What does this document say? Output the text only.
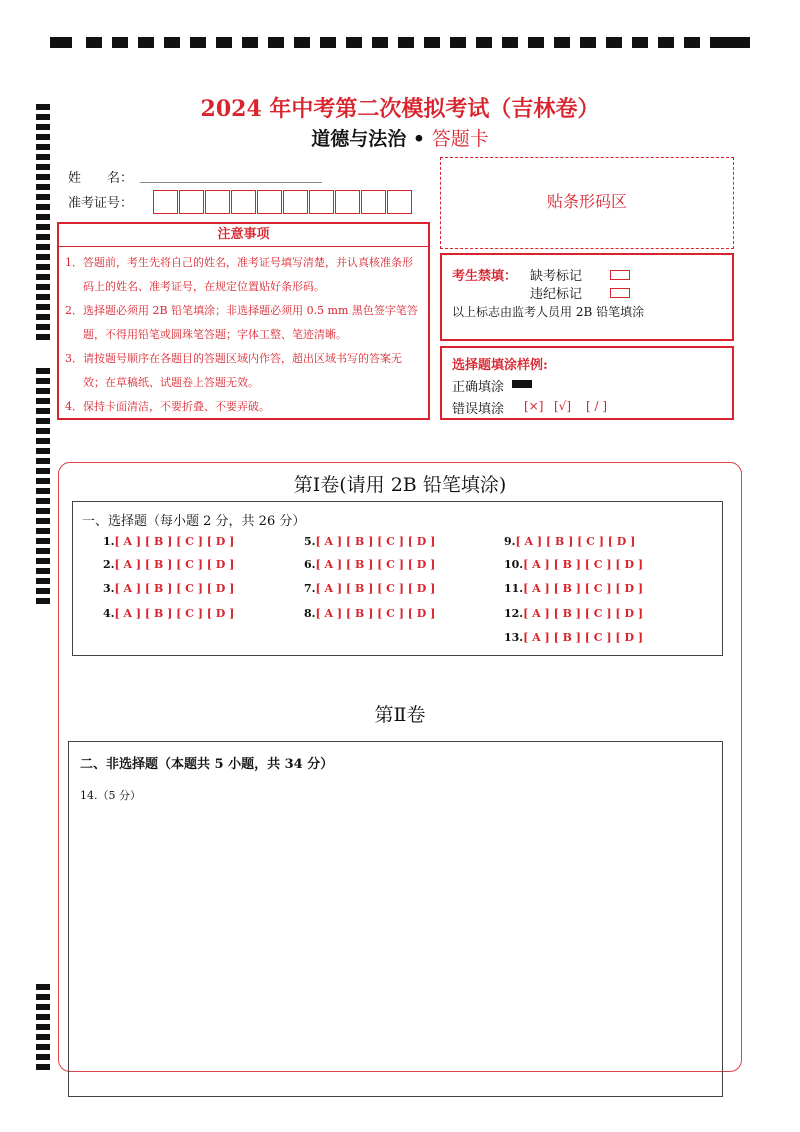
2024 年中考第二次模拟考试（吉林卷）
道德与法治 • 答题卡
姓　　名：
准考证号：
注意事项
1．答题前，考生先将自己的姓名，准考证号填写清楚，并认真核准条形码上的姓名、准考证号，在规定位置贴好条形码。
2．选择题必须用 2B 铅笔填涂；非选择题必须用 0.5 mm 黑色签字笔答题，不得用铅笔或圆珠笔答题；字体工整、笔迹清晰。
3．请按题号顺序在各题目的答题区域内作答，超出区域书写的答案无效；在草稿纸、试题卷上答题无效。
4．保持卡面清洁，不要折叠、不要弄破。
贴条形码区
考生禁填： 缺考标记
违纪标记
以上标志由监考人员用 2B 铅笔填涂
选择题填涂样例:
正确填涂
错误填涂 [×] [√] [ / ]
第Ⅰ卷(请用 2B 铅笔填涂)
一、选择题（每小题 2 分，共 26 分）
1.[ A ] [ B ] [ C ] [ D ]
2.[ A ] [ B ] [ C ] [ D ]
3.[ A ] [ B ] [ C ] [ D ]
4.[ A ] [ B ] [ C ] [ D ]
5.[ A ] [ B ] [ C ] [ D ]
6.[ A ] [ B ] [ C ] [ D ]
7.[ A ] [ B ] [ C ] [ D ]
8.[ A ] [ B ] [ C ] [ D ]
9.[ A ] [ B ] [ C ] [ D ]
10.[ A ] [ B ] [ C ] [ D ]
11.[ A ] [ B ] [ C ] [ D ]
12.[ A ] [ B ] [ C ] [ D ]
13.[ A ] [ B ] [ C ] [ D ]
第Ⅱ卷
二、非选择题（本题共 5 小题，共 34 分）
14.（5 分）
